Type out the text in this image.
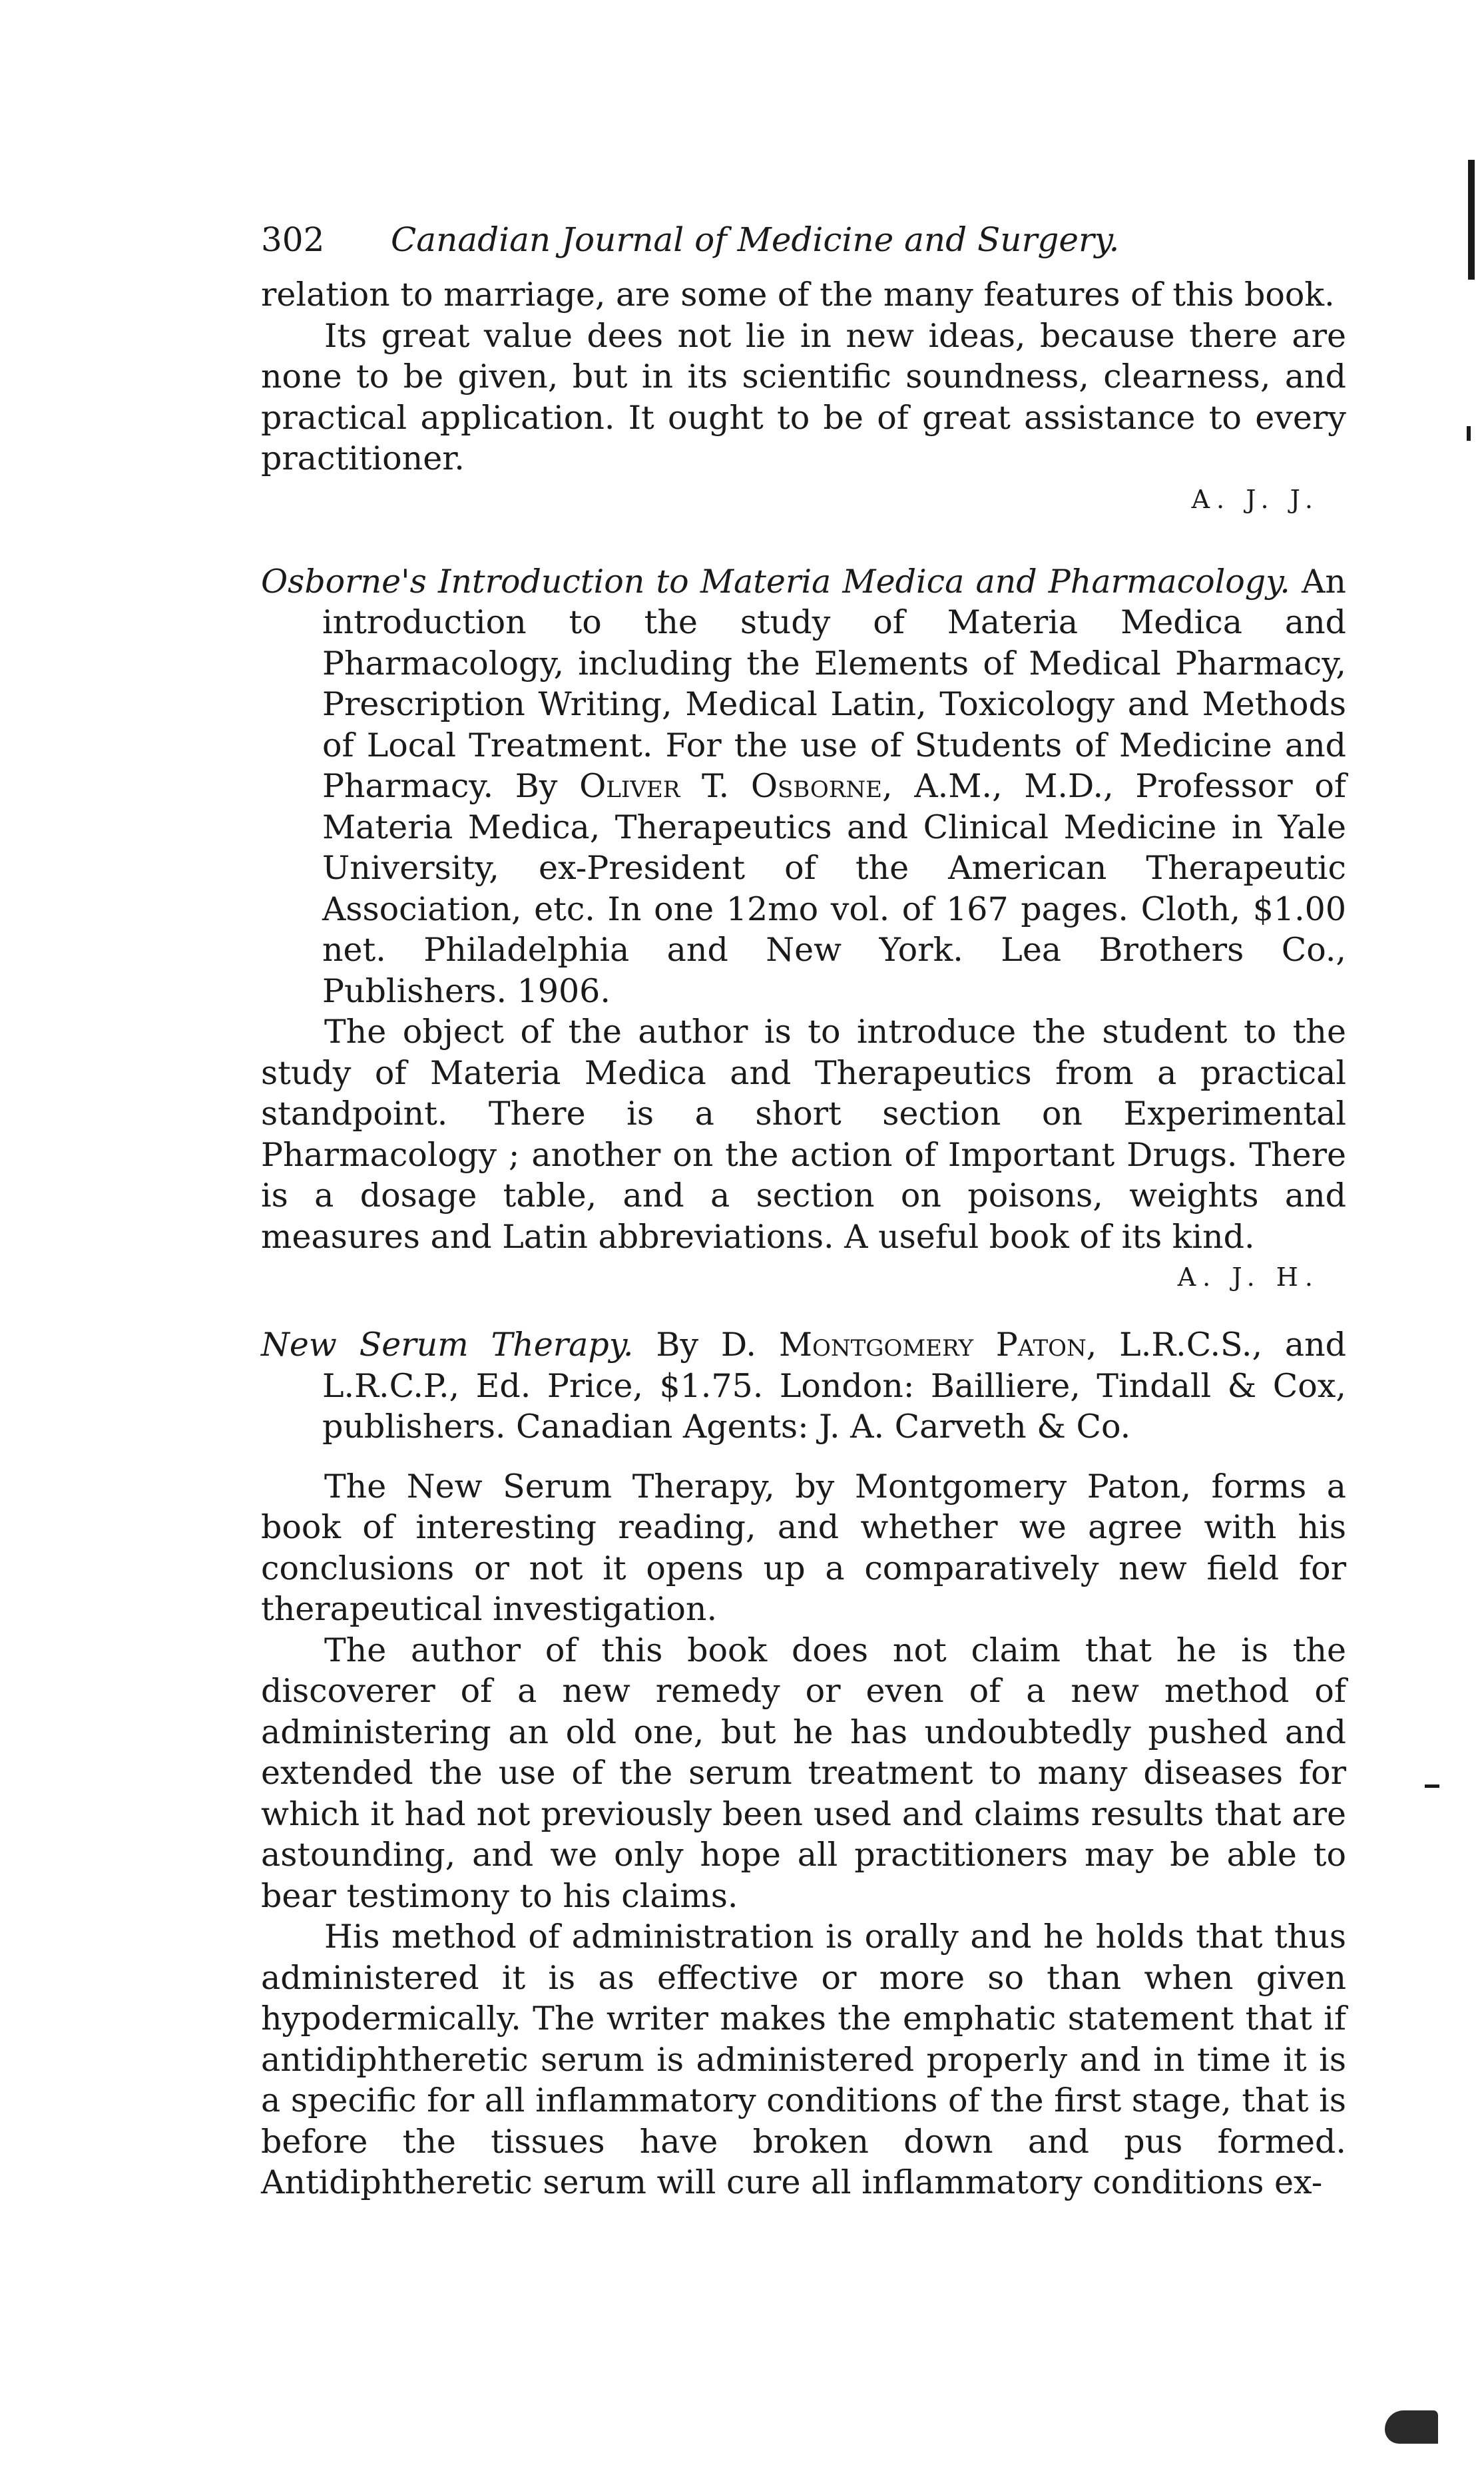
302	Canadian Journal of Medicine and Surgery.

relation to marriage, are some of the many features of this book.

Its great value dees not lie in new ideas, because there are none to be given, but in its scientific soundness, clearness, and practical application. It ought to be of great assistance to every practitioner.

A. J. J.

Osborne's Introduction to Materia Medica and Pharmacology. An introduction to the study of Materia Medica and Pharmacology, including the Elements of Medical Pharmacy, Prescription Writing, Medical Latin, Toxicology and Methods of Local Treatment. For the use of Students of Medicine and Pharmacy. By Oliver T. Osborne, A.M., M.D., Professor of Materia Medica, Therapeutics and Clinical Medicine in Yale University, ex-President of the American Therapeutic Association, etc. In one 12mo vol. of 167 pages. Cloth, $1.00 net. Philadelphia and New York. Lea Brothers Co., Publishers. 1906.

The object of the author is to introduce the student to the study of Materia Medica and Therapeutics from a practical standpoint. There is a short section on Experimental Pharmacology ; another on the action of Important Drugs. There is a dosage table, and a section on poisons, weights and measures and Latin abbreviations. A useful book of its kind.

A. J. H.

New Serum Therapy. By D. Montgomery Paton, L.R.C.S., and L.R.C.P., Ed. Price, $1.75. London: Bailliere, Tindall & Cox, publishers. Canadian Agents: J. A. Carveth & Co.

The New Serum Therapy, by Montgomery Paton, forms a book of interesting reading, and whether we agree with his conclusions or not it opens up a comparatively new field for therapeutical investigation.

The author of this book does not claim that he is the discoverer of a new remedy or even of a new method of administering an old one, but he has undoubtedly pushed and extended the use of the serum treatment to many diseases for which it had not previously been used and claims results that are astounding, and we only hope all practitioners may be able to bear testimony to his claims.

His method of administration is orally and he holds that thus administered it is as effective or more so than when given hypodermically. The writer makes the emphatic statement that if antidiphtheretic serum is administered properly and in time it is a specific for all inflammatory conditions of the first stage, that is before the tissues have broken down and pus formed. Antidiphtheretic serum will cure all inflammatory conditions ex-
